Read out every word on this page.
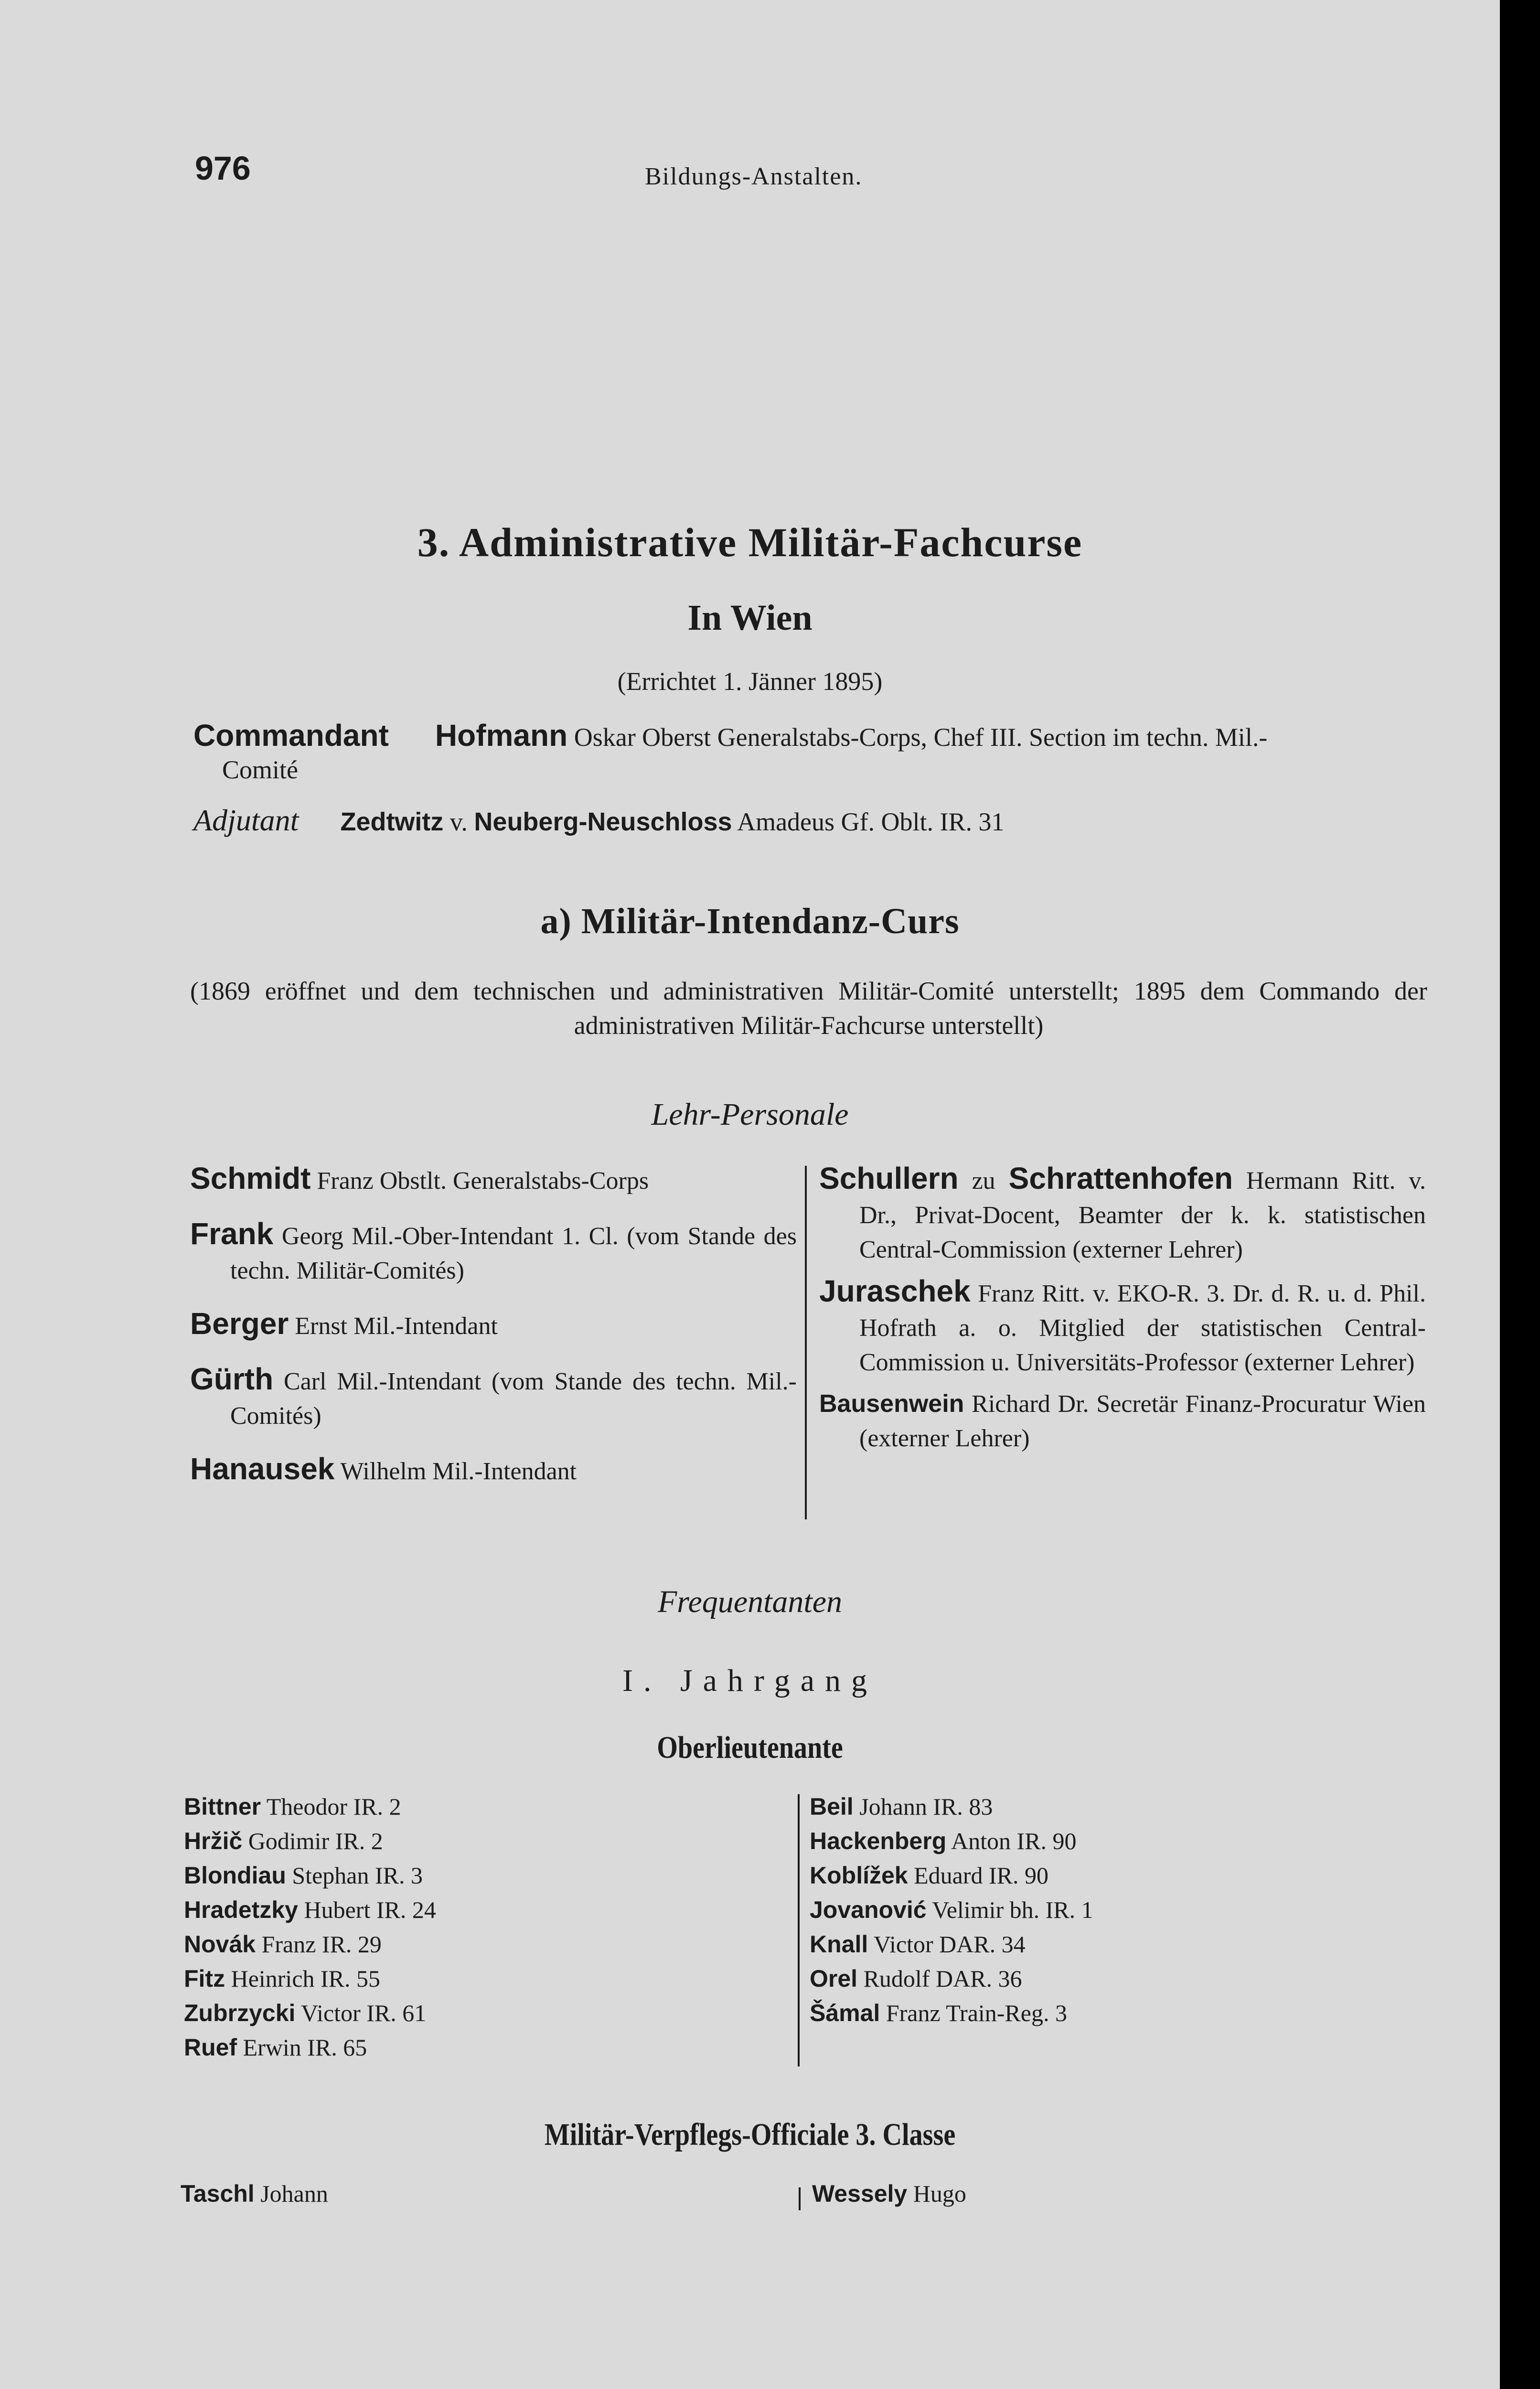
976	Bildungs-Anstalten.
3. Administrative Militär-Fachcurse
In Wien
(Errichtet 1. Jänner 1895)
Commandant Hofmann Oskar Oberst Generalstabs-Corps, Chef III. Section im techn. Mil.-
Comité
Adjutant Zedtwitz v. Neuberg-Neuschloss Amadeus Gf. Oblt. IR. 31
a) Militär-Intendanz-Curs
(1869 eröffnet und dem technischen und administrativen Militär-Comité unterstellt; 1895 dem Commando der administrativen Militär-Fachcurse unterstellt)
Lehr-Personale
Schmidt Franz Obstlt. Generalstabs-Corps
Frank Georg Mil.-Ober-Intendant 1. Cl. (vom Stande des techn. Militär-Comités)
Berger Ernst Mil.-Intendant
Gürth Carl Mil.-Intendant (vom Stande des techn. Mil.-Comités)
Hanausek Wilhelm Mil.-Intendant
Schullern zu Schrattenhofen Hermann Ritt. v. Dr., Privat-Docent, Beamter der k. k. statistischen Central-Commission (externer Lehrer)
Juraschek Franz Ritt. v. EKO-R. 3. Dr. d. R. u. d. Phil. Hofrath a. o. Mitglied der statistischen Central-Commission u. Universitäts-Professor (externer Lehrer)
Bausenwein Richard Dr. Secretär Finanz-Procuratur Wien (externer Lehrer)
Frequentanten
I. Jahrgang
Oberlieutenante
Bittner Theodor IR. 2
Hržič Godimir IR. 2
Blondiau Stephan IR. 3
Hradetzky Hubert IR. 24
Novák Franz IR. 29
Fitz Heinrich IR. 55
Zubrzycki Victor IR. 61
Ruef Erwin IR. 65
Beil Johann IR. 83
Hackenberg Anton IR. 90
Koblížek Eduard IR. 90
Jovanović Velimir bh. IR. 1
Knall Victor DAR. 34
Orel Rudolf DAR. 36
Šámal Franz Train-Reg. 3
Militär-Verpflegs-Officiale 3. Classe
Taschl Johann	Wessely Hugo
